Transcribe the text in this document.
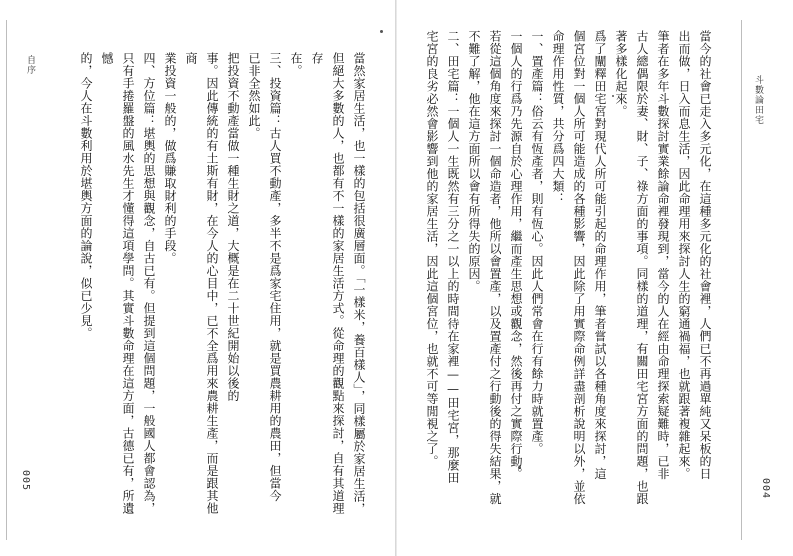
自序
005	當然家居生活，也一樣的包括很廣層面。「一樣米，養百樣人」，同樣屬於家居生活，

但絕大多數的人，也都有不一樣的家居生活方式。從命理的觀點來探討，自有其道理存

在。

三、投資篇：古人買不動產，多半不是爲家宅住用，就是買農耕用的農田，但當今

已非全然如此。

把投資不動產當做一種生財之道，大概是在二十世紀開始以後的

事。因此傳統的有土斯有財，在今人的心目中，已不全爲用來農耕生產，而是跟其他商

業投資一般的，做爲賺取財利的手段。

四、方位篇：堪輿的思想與觀念，自古已有。但提到這個問題，一般國人都會認為，

只有手捲羅盤的風水先生才懂得這項學問。其實斗數命理在這方面，古德已有，所遺憾

的，今人在斗數利用於堪輿方面的論說，似已少見。	斗數論田宅
004

當今的社會已走入多元化，在這種多元化的社會裡，人們已不再過單純又呆板的日

出而做，日入而息生活，因此命理用來探討人生的窮通禍福，也就跟著複雜起來。

筆者在多年斗數探討實業餘論命裡發現到，當今的人在經由命理探索疑難時，已非

古人總偶限於妻、財、子、祿方面的事項。同樣的道理，有關田宅宮方面的問題，也跟

著多樣化起來。

爲了闡釋田宅宮對現代人所可能引起的命理作用，筆者嘗試以各種角度來探討，這

個宮位對一個人所可能造成的各種影響，因此除了用實際命例詳盡剖析說明以外，並依

命理作用性質，共分爲四大類：

一、置產篇：俗云有恆產者，則有恆心。因此人們常會在行有餘力時就置產。

一個人的行爲乃先源自於心理作用，繼而產生思想或觀念，然後再付之實際行動。

若從這個角度來探討一個命造者，他所以會置產，以及置產付之行動後的得失結果，就

不難了解，他在這方面所以會有所得失的原因。

二、田宅篇：一個人一生既然有三分之一以上的時間待在家裡——田宅宮，那麼田

宅宮的良劣必然會影響到他的家居生活，因此這個宮位，也就不可等閒視之了。
